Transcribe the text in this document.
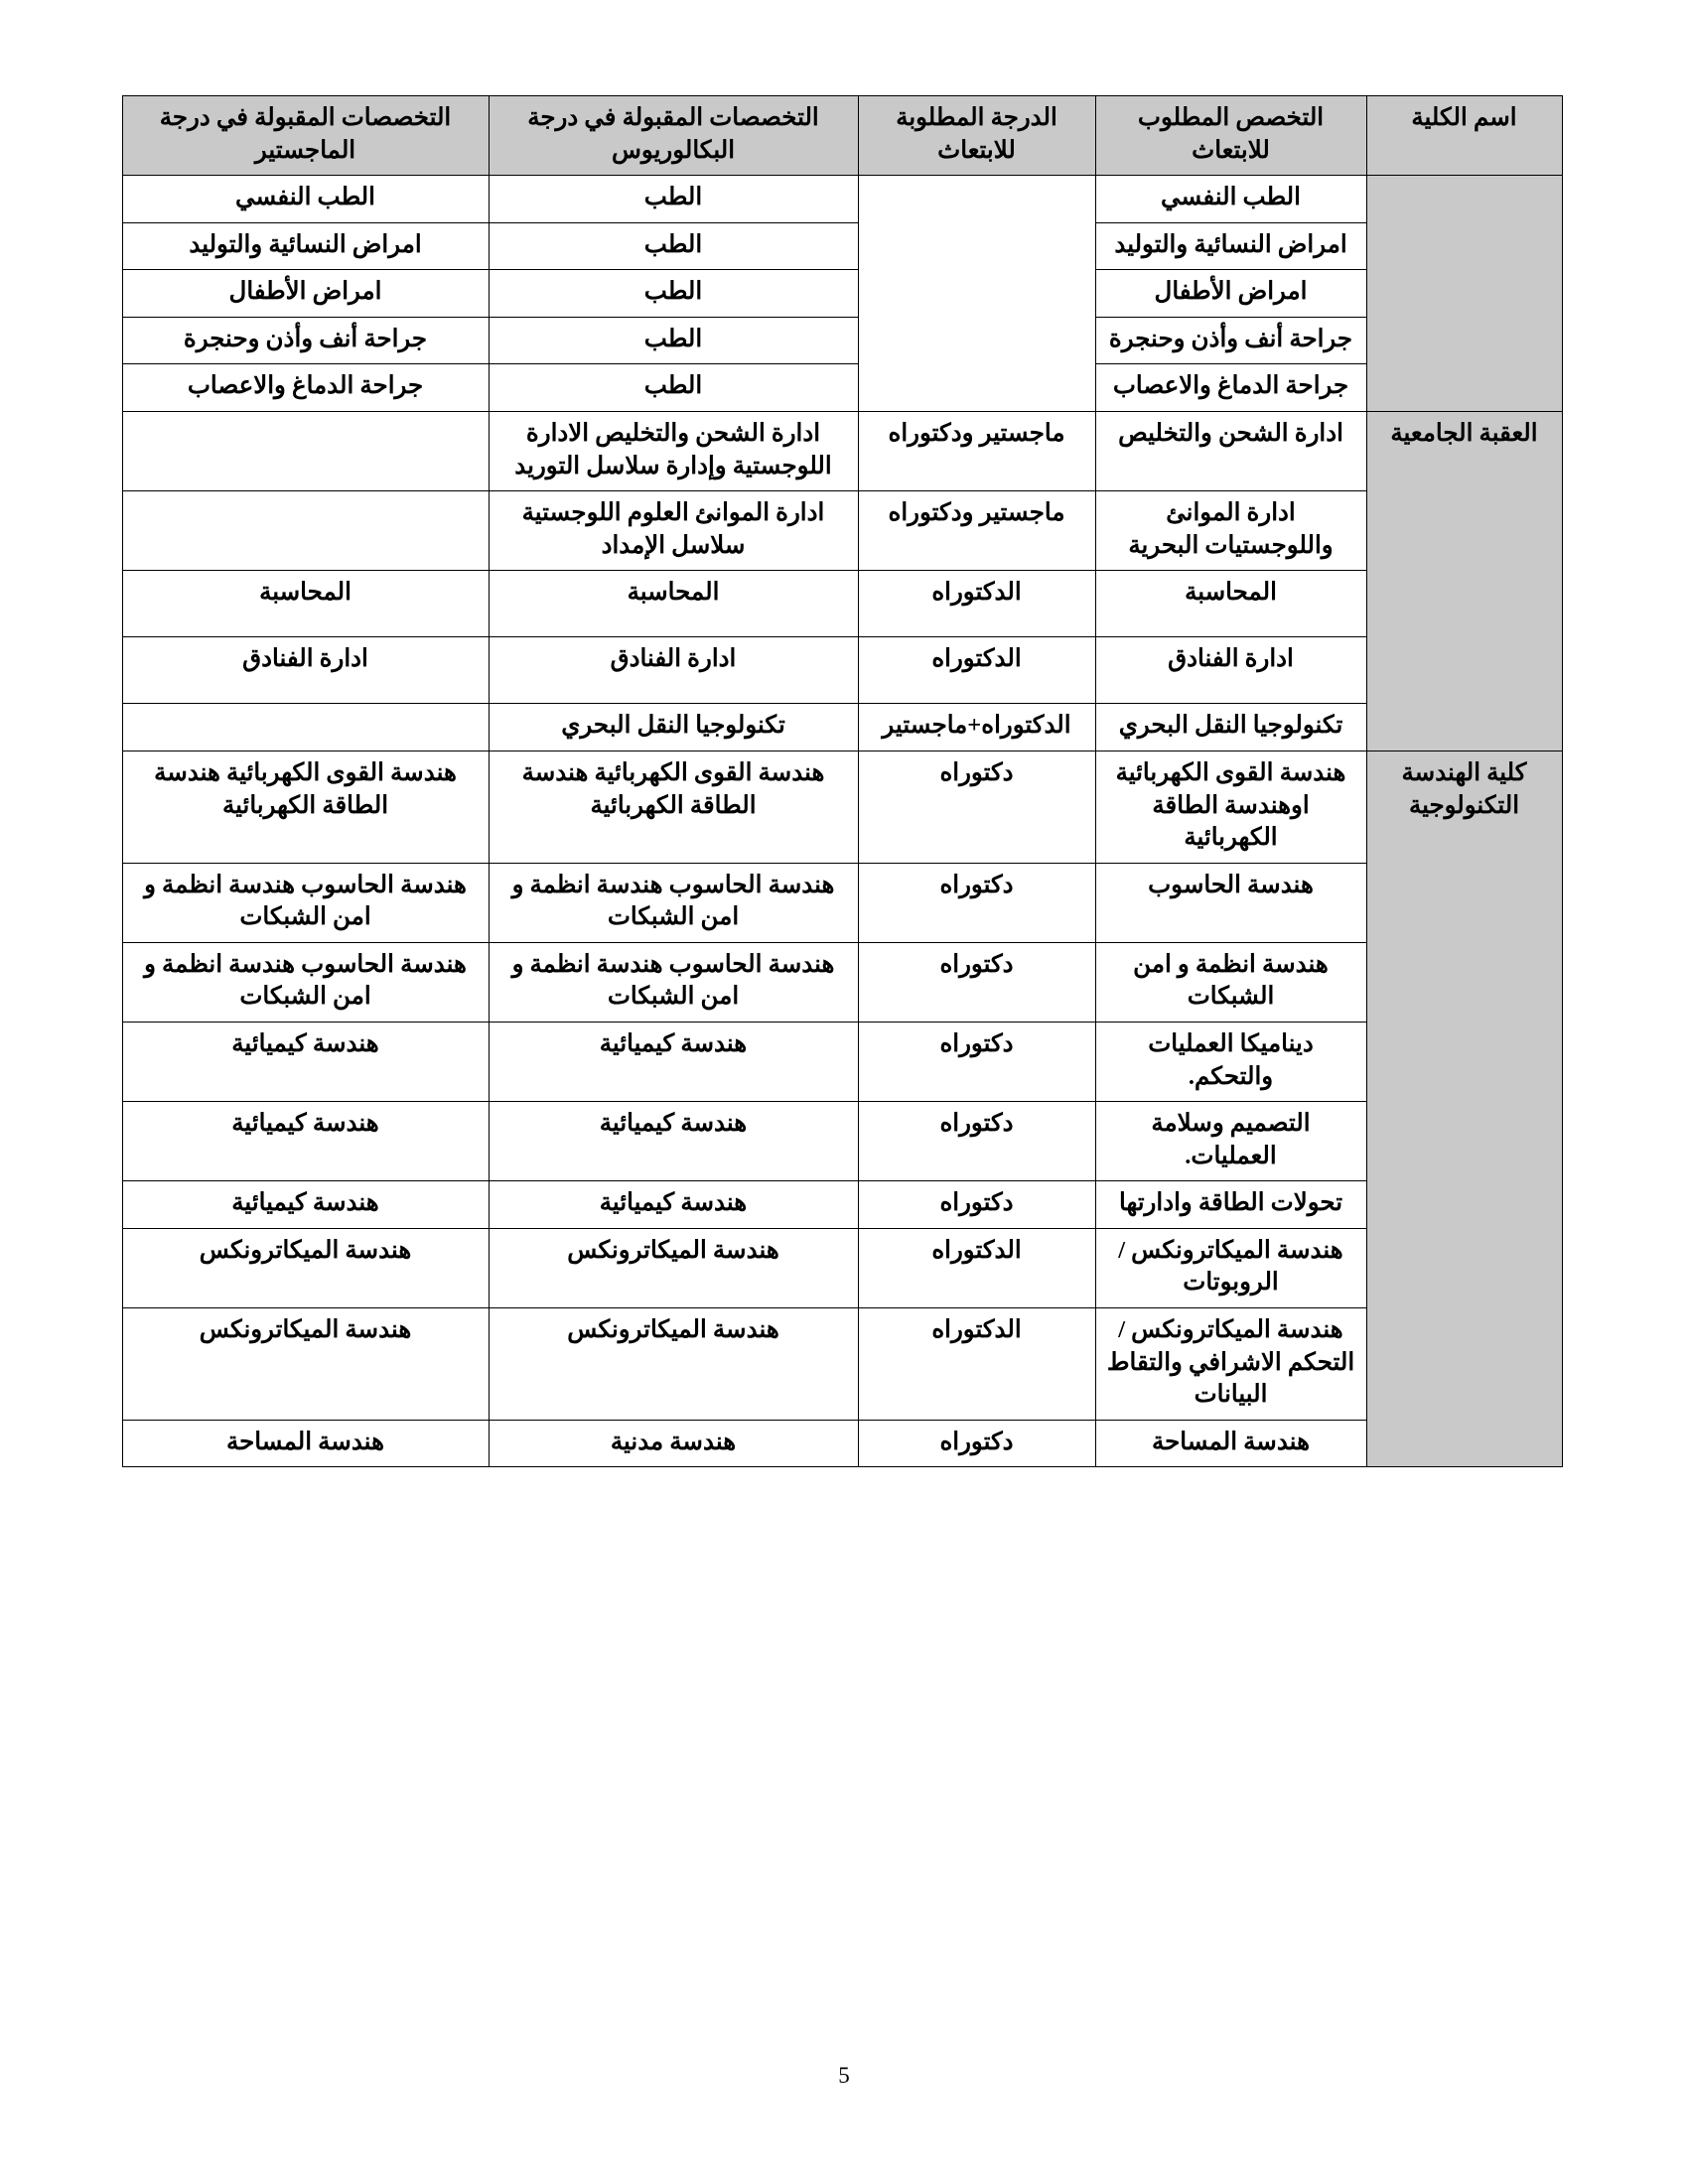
اسم الكلية	التخصص المطلوب للابتعاث	الدرجة المطلوبة للابتعاث	التخصصات المقبولة في درجة البكالوريوس	التخصصات المقبولة في درجة الماجستير
	الطب النفسي		الطب	الطب النفسي
	امراض النسائية والتوليد		الطب	امراض النسائية والتوليد
	امراض الأطفال		الطب	امراض الأطفال
	جراحة أنف وأذن وحنجرة		الطب	جراحة أنف وأذن وحنجرة
	جراحة الدماغ والاعصاب		الطب	جراحة الدماغ والاعصاب
العقبة الجامعية	ادارة الشحن والتخليص	ماجستير ودكتوراه	ادارة الشحن والتخليص الادارة اللوجستية وإدارة سلاسل التوريد	
	ادارة الموانئ واللوجستيات البحرية	ماجستير ودكتوراه	ادارة الموانئ العلوم اللوجستية سلاسل الإمداد	
	المحاسبة	الدكتوراه	المحاسبة	المحاسبة
	ادارة الفنادق	الدكتوراه	ادارة الفنادق	ادارة الفنادق
	تكنولوجيا النقل البحري	الدكتوراه+ماجستير	تكنولوجيا النقل البحري	
كلية الهندسة التكنولوجية	هندسة القوى الكهربائية اوهندسة الطاقة الكهربائية	دكتوراه	هندسة القوى الكهربائية هندسة الطاقة الكهربائية	هندسة القوى الكهربائية هندسة الطاقة الكهربائية
	هندسة الحاسوب	دكتوراه	هندسة الحاسوب هندسة انظمة و امن الشبكات	هندسة الحاسوب هندسة انظمة و امن الشبكات
	هندسة انظمة و امن الشبكات	دكتوراه	هندسة الحاسوب هندسة انظمة و امن الشبكات	هندسة الحاسوب هندسة انظمة و امن الشبكات
	ديناميكا العمليات والتحكم.	دكتوراه	هندسة كيميائية	هندسة كيميائية
	التصميم وسلامة العمليات.	دكتوراه	هندسة كيميائية	هندسة كيميائية
	تحولات الطاقة وادارتها	دكتوراه	هندسة كيميائية	هندسة كيميائية
	هندسة الميكاترونكس / الروبوتات	الدكتوراه	هندسة الميكاترونكس	هندسة الميكاترونكس
	هندسة الميكاترونكس / التحكم الاشرافي والتقاط البيانات	الدكتوراه	هندسة الميكاترونكس	هندسة الميكاترونكس
	هندسة المساحة	دكتوراه	هندسة مدنية	هندسة المساحة
5
